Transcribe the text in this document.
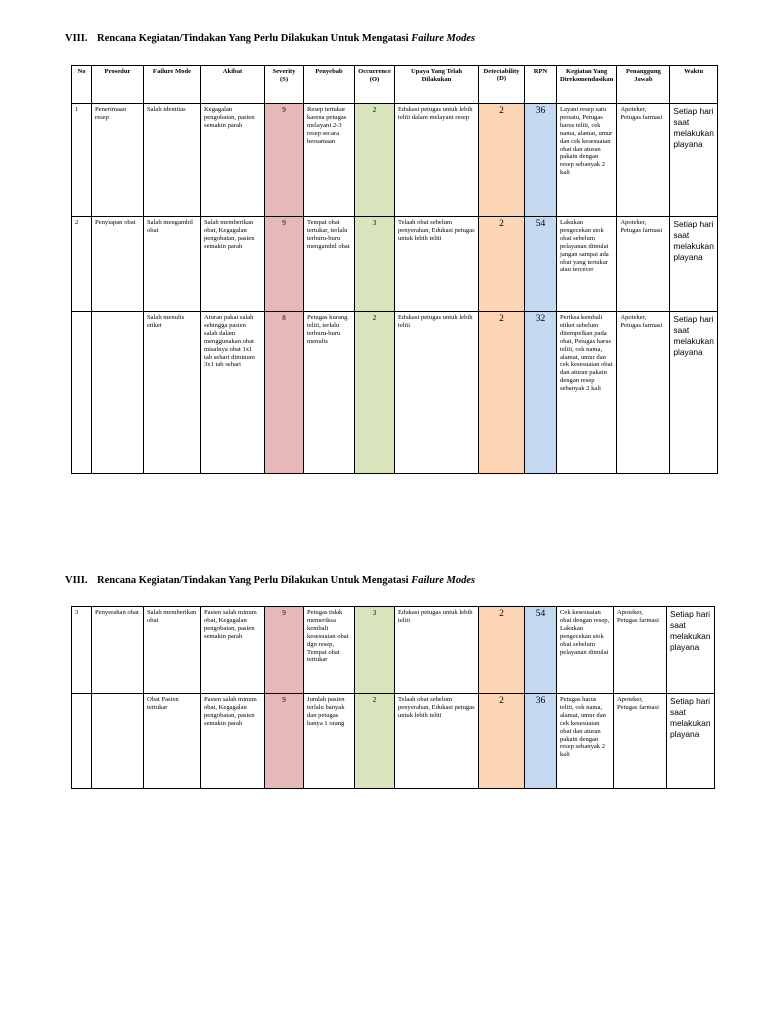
VIII. Rencana Kegiatan/Tindakan Yang Perlu Dilakukan Untuk Mengatasi Failure Modes
No	Prosedur	Failure Mode	Akibat	Severity (S)	Penyebab	Occurrence (O)	Upaya Yang Telah Dilakukan	Detectability (D)	RPN	Kegiatan Yang Direkomendasikan	Penanggung Jawab	Waktu
1	Penerimaan resep	Salah identitas	Kegagalan pengobatan, pasien semakin parah	9	Resep tertukar karena petugas melayani 2-3 resep secara bersamaan	2	Edukasi petugas untuk lebih teliti dalam melayani resep	2	36	Layani resep satu persatu, Petugas harus teliti, cek nama, alamat, umur dan cek kesesuaian obat dan aturan pakain dengan resep sebanyak 2 kali	Apoteker, Petugas farmasi	Setiap hari saat melakukan playana
2	Penyiapan obat	Salah mengambil obat	Salah memberikan obat, Kegagalan pengobatan, pasien semakin parah	9	Tempat obat tertukar, terlalu terburu-buru mengambil obat	3	Telaah obat sebelum penyerahan, Edukasi petugas untuk lebih teliti	2	54	Lakukan pengecekan stok obat sebelum pelayanan dimulai jangan sampai ada obat yang tertukar atau tercecer	Apoteker, Petugas farmasi	Setiap hari saat melakukan playana
		Salah menulis etiket	Aturan pakai salah sehingga pasien salah dalam menggunakan obat misalnya obat 1x1 tab sehari diminum 3x1 tab sehari	8	Petugas kurang teliti, terlalu terburu-buru menulis	2	Edukasi petugas untuk lebih teliti	2	32	Periksa kembali etiket sebelum ditempelkan pada obat, Petugas harus teliti, cek nama, alamat, umur dan cek kesesuaian obat dan aturan pakain dengan resep sebanyak 2 kali	Apoteker, Petugas farmasi	Setiap hari saat melakukan playana
VIII. Rencana Kegiatan/Tindakan Yang Perlu Dilakukan Untuk Mengatasi Failure Modes
3	Penyerahan obat	Salah memberikan obat	Pasien salah minum obat, Kegagalan pengobatan, pasien semakin parah	9	Petugas tidak memeriksa kembali kesesuaian obat dgn resep, Tempat obat tertukar	3	Edukasi petugas untuk lebih teliti	2	54	Cek kesesuaian obat dengan resep, Lakukan pengecekan stok obat sebelum pelayanan dimulai	Apoteker, Petugas farmasi	Setiap hari saat melakukan playana
		Obat Pasien tertukar	Pasien salah minum obat, Kegagalan pengobatan, pasien semakin parah	9	Jumlah pasien terlalu banyak dan petugas hanya 1 orang	2	Telaah obat sebelum penyerahan, Edukasi petugas untuk lebih teliti	2	36	Petugas harus teliti, cek nama, alamat, umur dan cek kesesuaian obat dan aturan pakain dengan resep sebanyak 2 kali	Apoteker, Petugas farmasi	Setiap hari saat melakukan playana
